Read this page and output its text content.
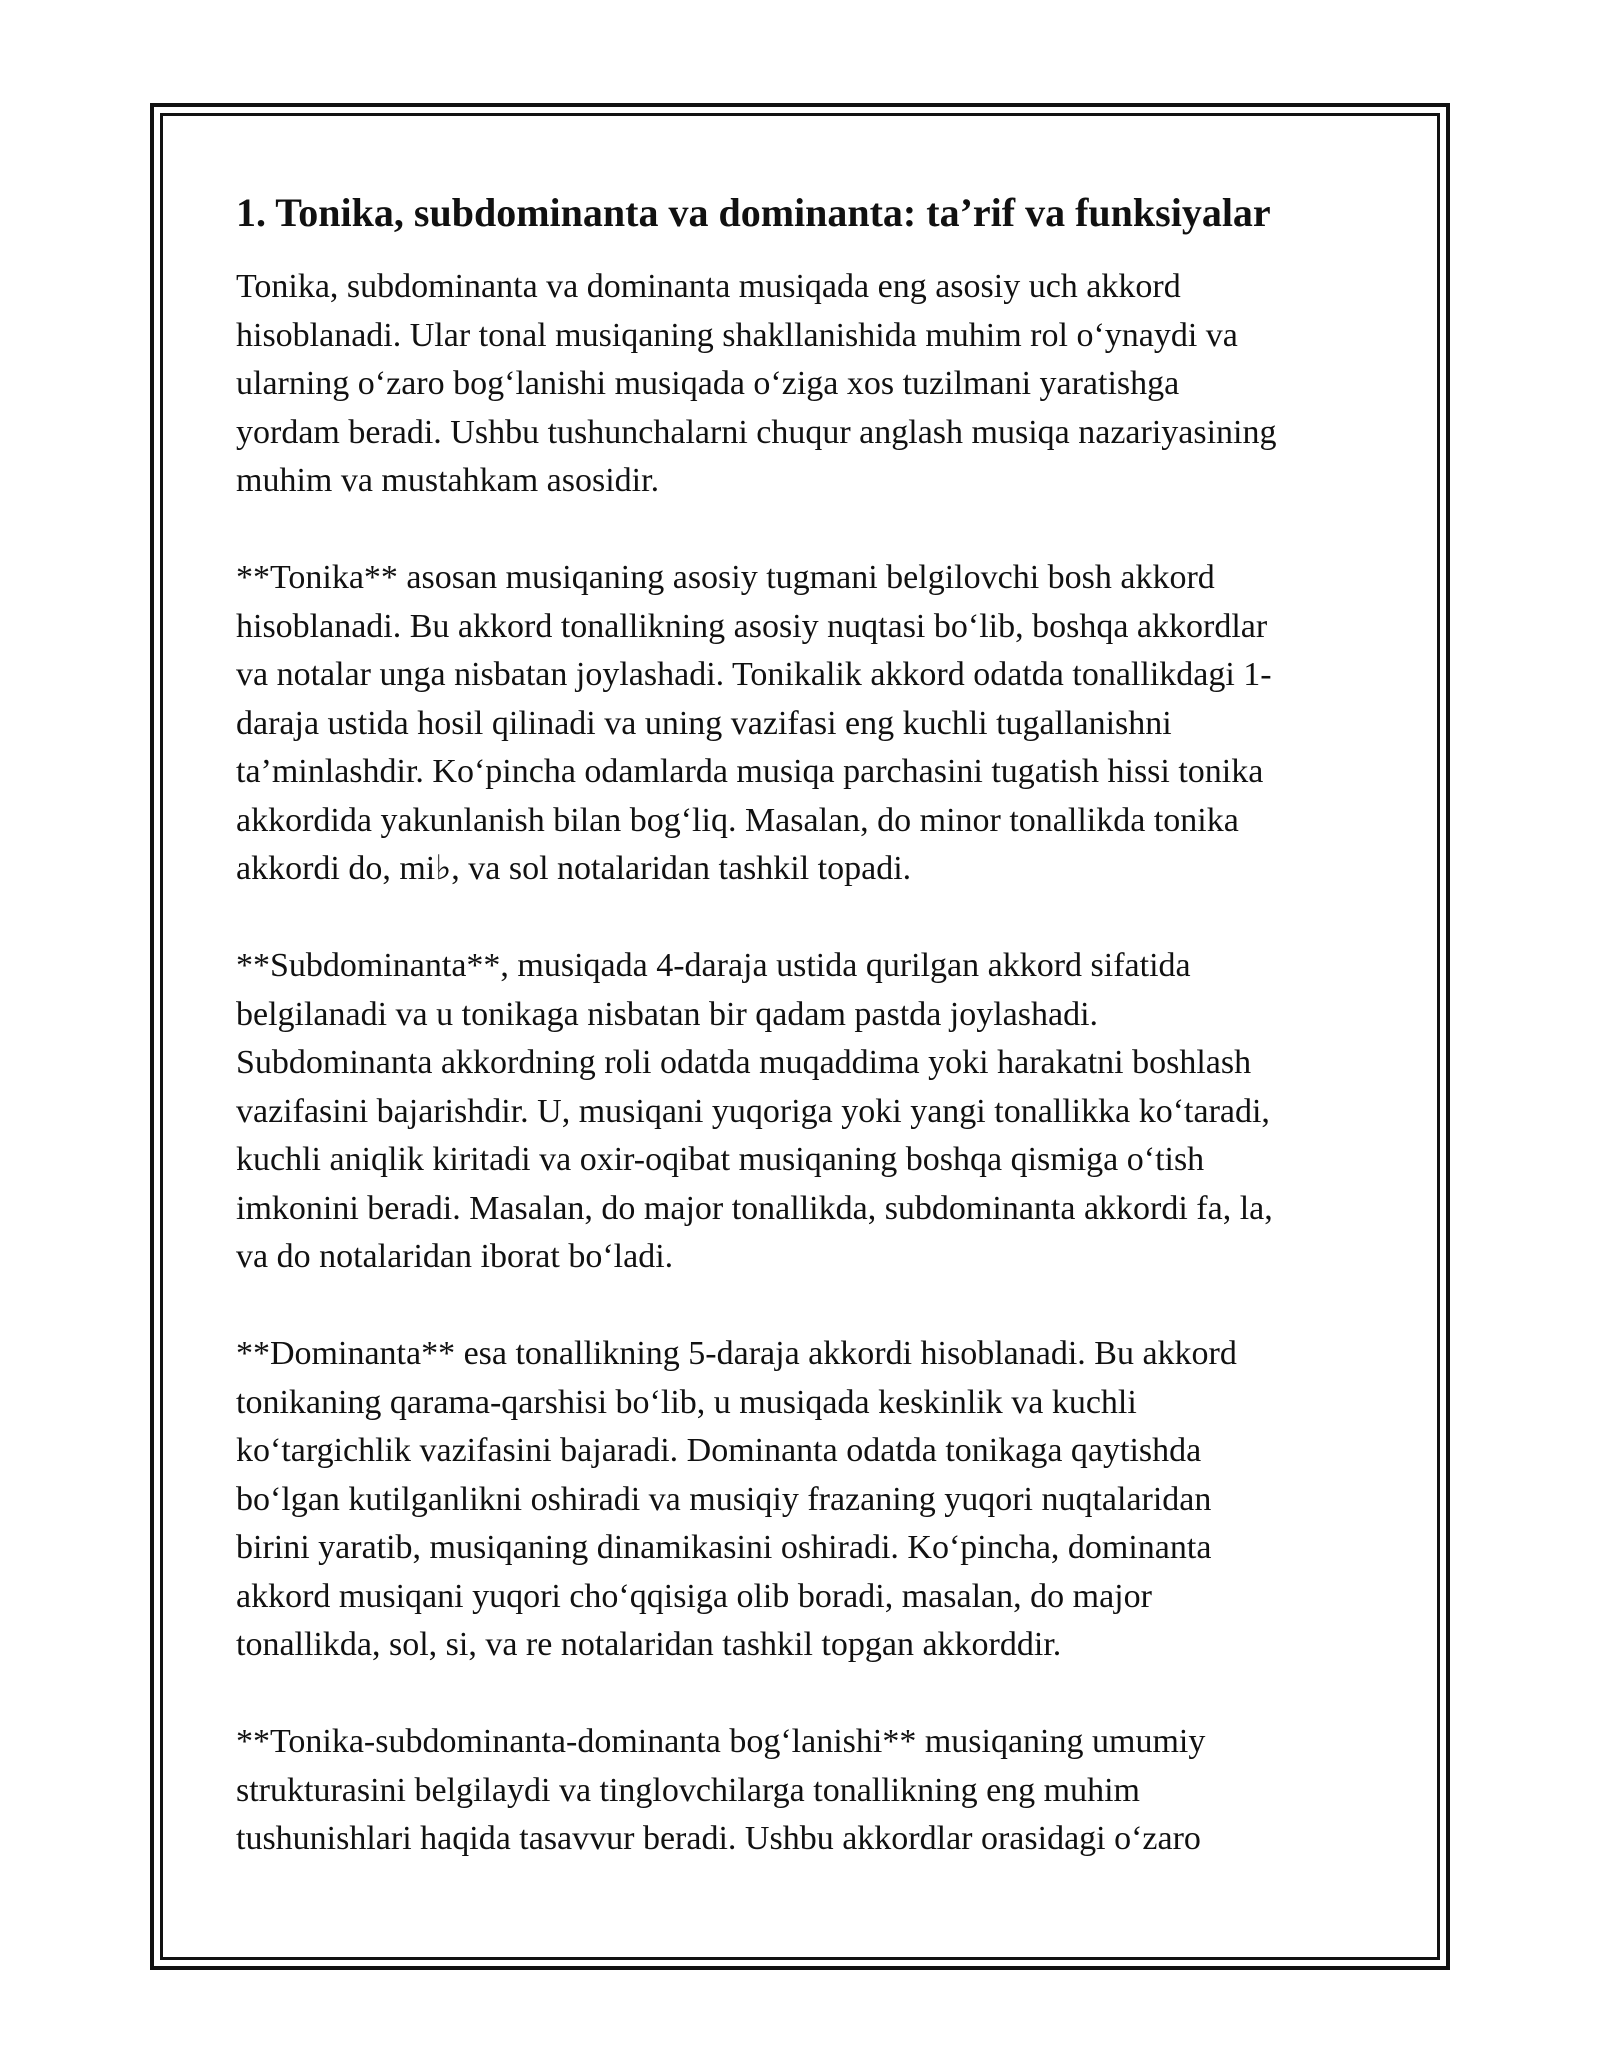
1. Tonika, subdominanta va dominanta: ta’rif va funksiyalar
Tonika, subdominanta va dominanta musiqada eng asosiy uch akkord
hisoblanadi. Ular tonal musiqaning shakllanishida muhim rol o‘ynaydi va
ularning o‘zaro bog‘lanishi musiqada o‘ziga xos tuzilmani yaratishga
yordam beradi. Ushbu tushunchalarni chuqur anglash musiqa nazariyasining
muhim va mustahkam asosidir.
**Tonika** asosan musiqaning asosiy tugmani belgilovchi bosh akkord
hisoblanadi. Bu akkord tonallikning asosiy nuqtasi bo‘lib, boshqa akkordlar
va notalar unga nisbatan joylashadi. Tonikalik akkord odatda tonallikdagi 1-
daraja ustida hosil qilinadi va uning vazifasi eng kuchli tugallanishni
ta’minlashdir. Ko‘pincha odamlarda musiqa parchasini tugatish hissi tonika
akkordida yakunlanish bilan bog‘liq. Masalan, do minor tonallikda tonika
akkordi do, mi♭, va sol notalaridan tashkil topadi.
**Subdominanta**, musiqada 4-daraja ustida qurilgan akkord sifatida
belgilanadi va u tonikaga nisbatan bir qadam pastda joylashadi.
Subdominanta akkordning roli odatda muqaddima yoki harakatni boshlash
vazifasini bajarishdir. U, musiqani yuqoriga yoki yangi tonallikka ko‘taradi,
kuchli aniqlik kiritadi va oxir-oqibat musiqaning boshqa qismiga o‘tish
imkonini beradi. Masalan, do major tonallikda, subdominanta akkordi fa, la,
va do notalaridan iborat bo‘ladi.
**Dominanta** esa tonallikning 5-daraja akkordi hisoblanadi. Bu akkord
tonikaning qarama-qarshisi bo‘lib, u musiqada keskinlik va kuchli
ko‘targichlik vazifasini bajaradi. Dominanta odatda tonikaga qaytishda
bo‘lgan kutilganlikni oshiradi va musiqiy frazaning yuqori nuqtalaridan
birini yaratib, musiqaning dinamikasini oshiradi. Ko‘pincha, dominanta
akkord musiqani yuqori cho‘qqisiga olib boradi, masalan, do major
tonallikda, sol, si, va re notalaridan tashkil topgan akkorddir.
**Tonika-subdominanta-dominanta bog‘lanishi** musiqaning umumiy
strukturasini belgilaydi va tinglovchilarga tonallikning eng muhim
tushunishlari haqida tasavvur beradi. Ushbu akkordlar orasidagi o‘zaro
